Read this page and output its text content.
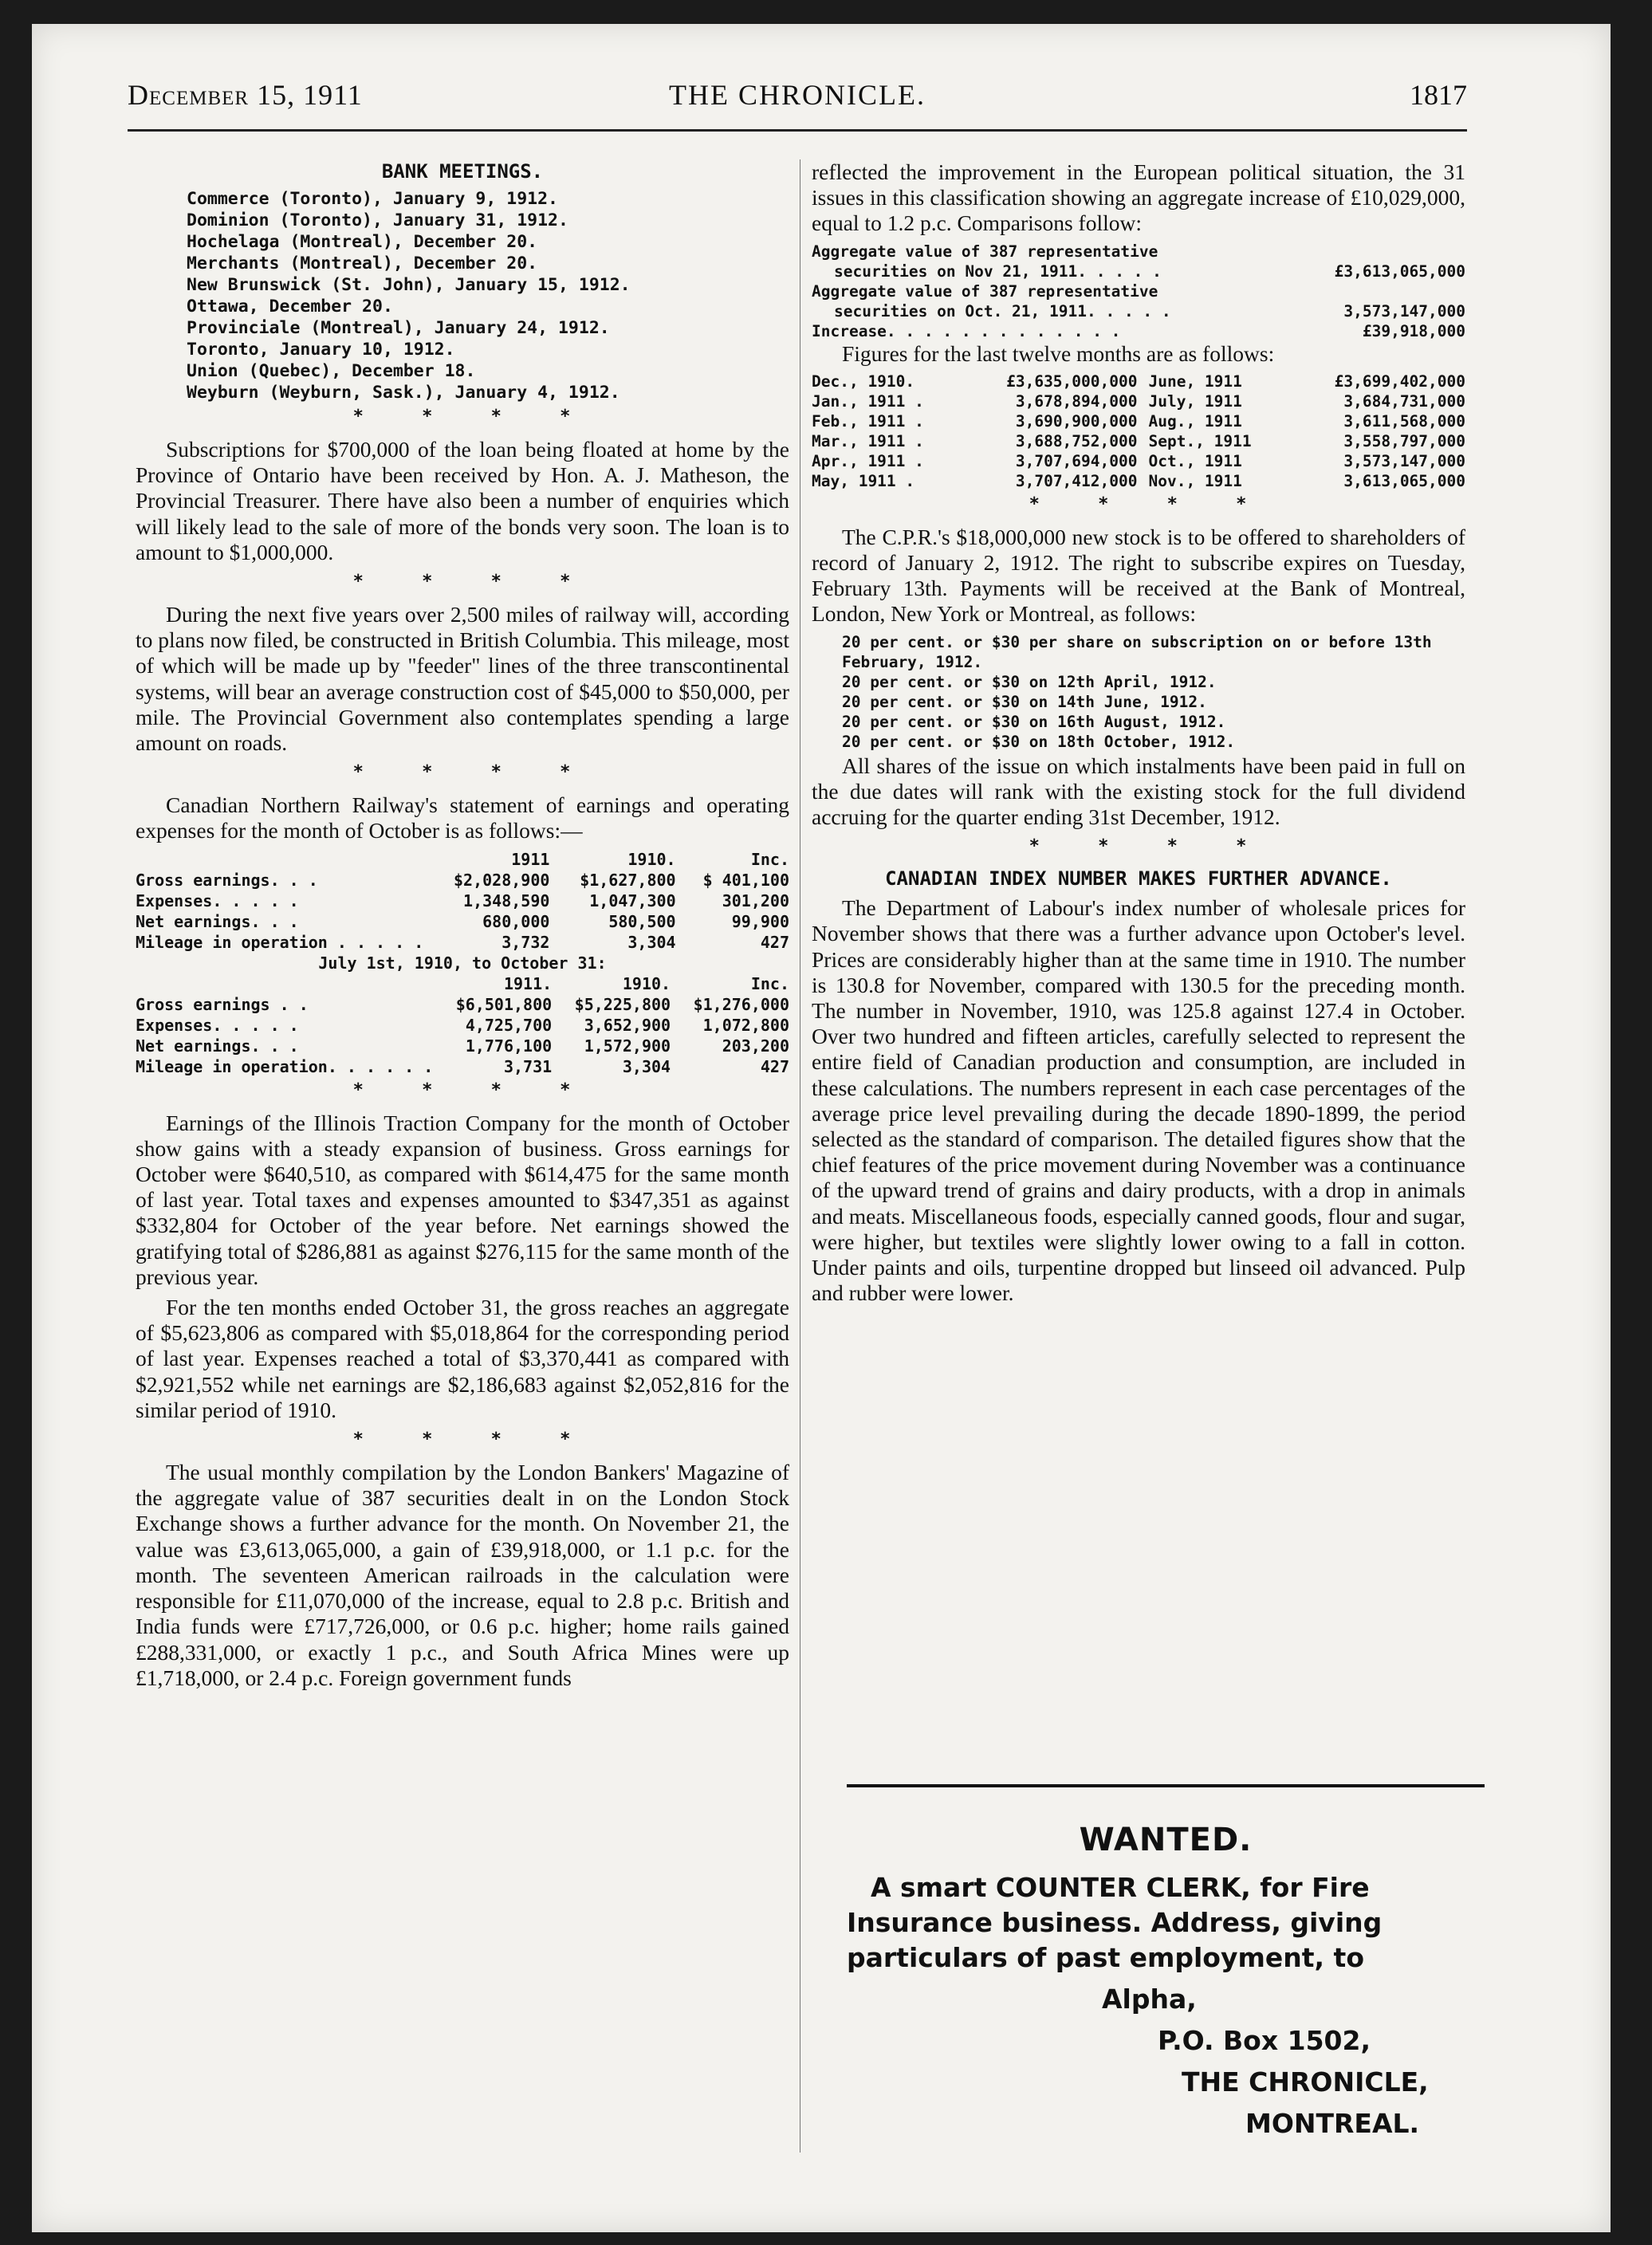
December 15, 1911	THE CHRONICLE.	1817
BANK MEETINGS.
Commerce (Toronto), January 9, 1912.
Dominion (Toronto), January 31, 1912.
Hochelaga (Montreal), December 20.
Merchants (Montreal), December 20.
New Brunswick (St. John), January 15, 1912.
Ottawa, December 20.
Provinciale (Montreal), January 24, 1912.
Toronto, January 10, 1912.
Union (Quebec), December 18.
Weyburn (Weyburn, Sask.), January 4, 1912.
* * * *

Subscriptions for $700,000 of the loan being floated at home by the Province of Ontario have been received by Hon. A. J. Matheson, the Provincial Treasurer. There have also been a number of enquiries which will likely lead to the sale of more of the bonds very soon. The loan is to amount to $1,000,000.

* * * *

During the next five years over 2,500 miles of railway will, according to plans now filed, be constructed in British Columbia. This mileage, most of which will be made up by "feeder" lines of the three transcontinental systems, will bear an average construction cost of $45,000 to $50,000, per mile. The Provincial Government also contemplates spending a large amount on roads.

* * * *

Canadian Northern Railway's statement of earnings and operating expenses for the month of October is as follows:—

	1911	1910.	Inc.
Gross earnings. . .	$2,028,900	$1,627,800	$ 401,100
Expenses. . . . .	1,348,590	1,047,300	301,200
Net earnings. . .	680,000	580,500	99,900
Mileage in operation . . . . .	3,732	3,304	427
July 1st, 1910, to October 31:
	1911.	1910.	Inc.
Gross earnings . .	$6,501,800	$5,225,800	$1,276,000
Expenses. . . . .	4,725,700	3,652,900	1,072,800
Net earnings. . .	1,776,100	1,572,900	203,200
Mileage in operation. . . . . .	3,731	3,304	427
* * * *

Earnings of the Illinois Traction Company for the month of October show gains with a steady expansion of business. Gross earnings for October were $640,510, as compared with $614,475 for the same month of last year. Total taxes and expenses amounted to $347,351 as against $332,804 for October of the year before. Net earnings showed the gratifying total of $286,881 as against $276,115 for the same month of the previous year.

For the ten months ended October 31, the gross reaches an aggregate of $5,623,806 as compared with $5,018,864 for the corresponding period of last year. Expenses reached a total of $3,370,441 as compared with $2,921,552 while net earnings are $2,186,683 against $2,052,816 for the similar period of 1910.

* * * *

The usual monthly compilation by the London Bankers' Magazine of the aggregate value of 387 securities dealt in on the London Stock Exchange shows a further advance for the month. On November 21, the value was £3,613,065,000, a gain of £39,918,000, or 1.1 p.c. for the month. The seventeen American railroads in the calculation were responsible for £11,070,000 of the increase, equal to 2.8 p.c. British and India funds were £717,726,000, or 0.6 p.c. higher; home rails gained £288,331,000, or exactly 1 p.c., and South Africa Mines were up £1,718,000, or 2.4 p.c. Foreign government funds

reflected the improvement in the European political situation, the 31 issues in this classification showing an aggregate increase of £10,029,000, equal to 1.2 p.c. Comparisons follow:

Aggregate value of 387 representative
securities on Nov 21, 1911. . . . .	£3,613,065,000
Aggregate value of 387 representative
securities on Oct. 21, 1911. . . . .	3,573,147,000
Increase. . . . . . . . . . . . .	£39,918,000

Figures for the last twelve months are as follows:

Dec., 1910.	£3,635,000,000	June, 1911	£3,699,402,000
Jan., 1911 .	3,678,894,000	July, 1911	3,684,731,000
Feb., 1911 .	3,690,900,000	Aug., 1911	3,611,568,000
Mar., 1911 .	3,688,752,000	Sept., 1911	3,558,797,000
Apr., 1911 .	3,707,694,000	Oct., 1911	3,573,147,000
May, 1911 .	3,707,412,000	Nov., 1911	3,613,065,000
* * * *

The C.P.R.'s $18,000,000 new stock is to be offered to shareholders of record of January 2, 1912. The right to subscribe expires on Tuesday, February 13th. Payments will be received at the Bank of Montreal, London, New York or Montreal, as follows:

20 per cent. or $30 per share on subscription on or before 13th February, 1912.
20 per cent. or $30 on 12th April, 1912.
20 per cent. or $30 on 14th June, 1912.
20 per cent. or $30 on 16th August, 1912.
20 per cent. or $30 on 18th October, 1912.

All shares of the issue on which instalments have been paid in full on the due dates will rank with the existing stock for the full dividend accruing for the quarter ending 31st December, 1912.

* * * *
CANADIAN INDEX NUMBER MAKES FURTHER ADVANCE.

The Department of Labour's index number of wholesale prices for November shows that there was a further advance upon October's level. Prices are considerably higher than at the same time in 1910. The number is 130.8 for November, compared with 130.5 for the preceding month. The number in November, 1910, was 125.8 against 127.4 in October. Over two hundred and fifteen articles, carefully selected to represent the entire field of Canadian production and consumption, are included in these calculations. The numbers represent in each case percentages of the average price level prevailing during the decade 1890-1899, the period selected as the standard of comparison. The detailed figures show that the chief features of the price movement during November was a continuance of the upward trend of grains and dairy products, with a drop in animals and meats. Miscellaneous foods, especially canned goods, flour and sugar, were higher, but textiles were slightly lower owing to a fall in cotton. Under paints and oils, turpentine dropped but linseed oil advanced. Pulp and rubber were lower.

WANTED.
A smart COUNTER CLERK, for Fire Insurance business. Address, giving particulars of past employment, to
Alpha,
P.O. Box 1502,
THE CHRONICLE,
MONTREAL.
